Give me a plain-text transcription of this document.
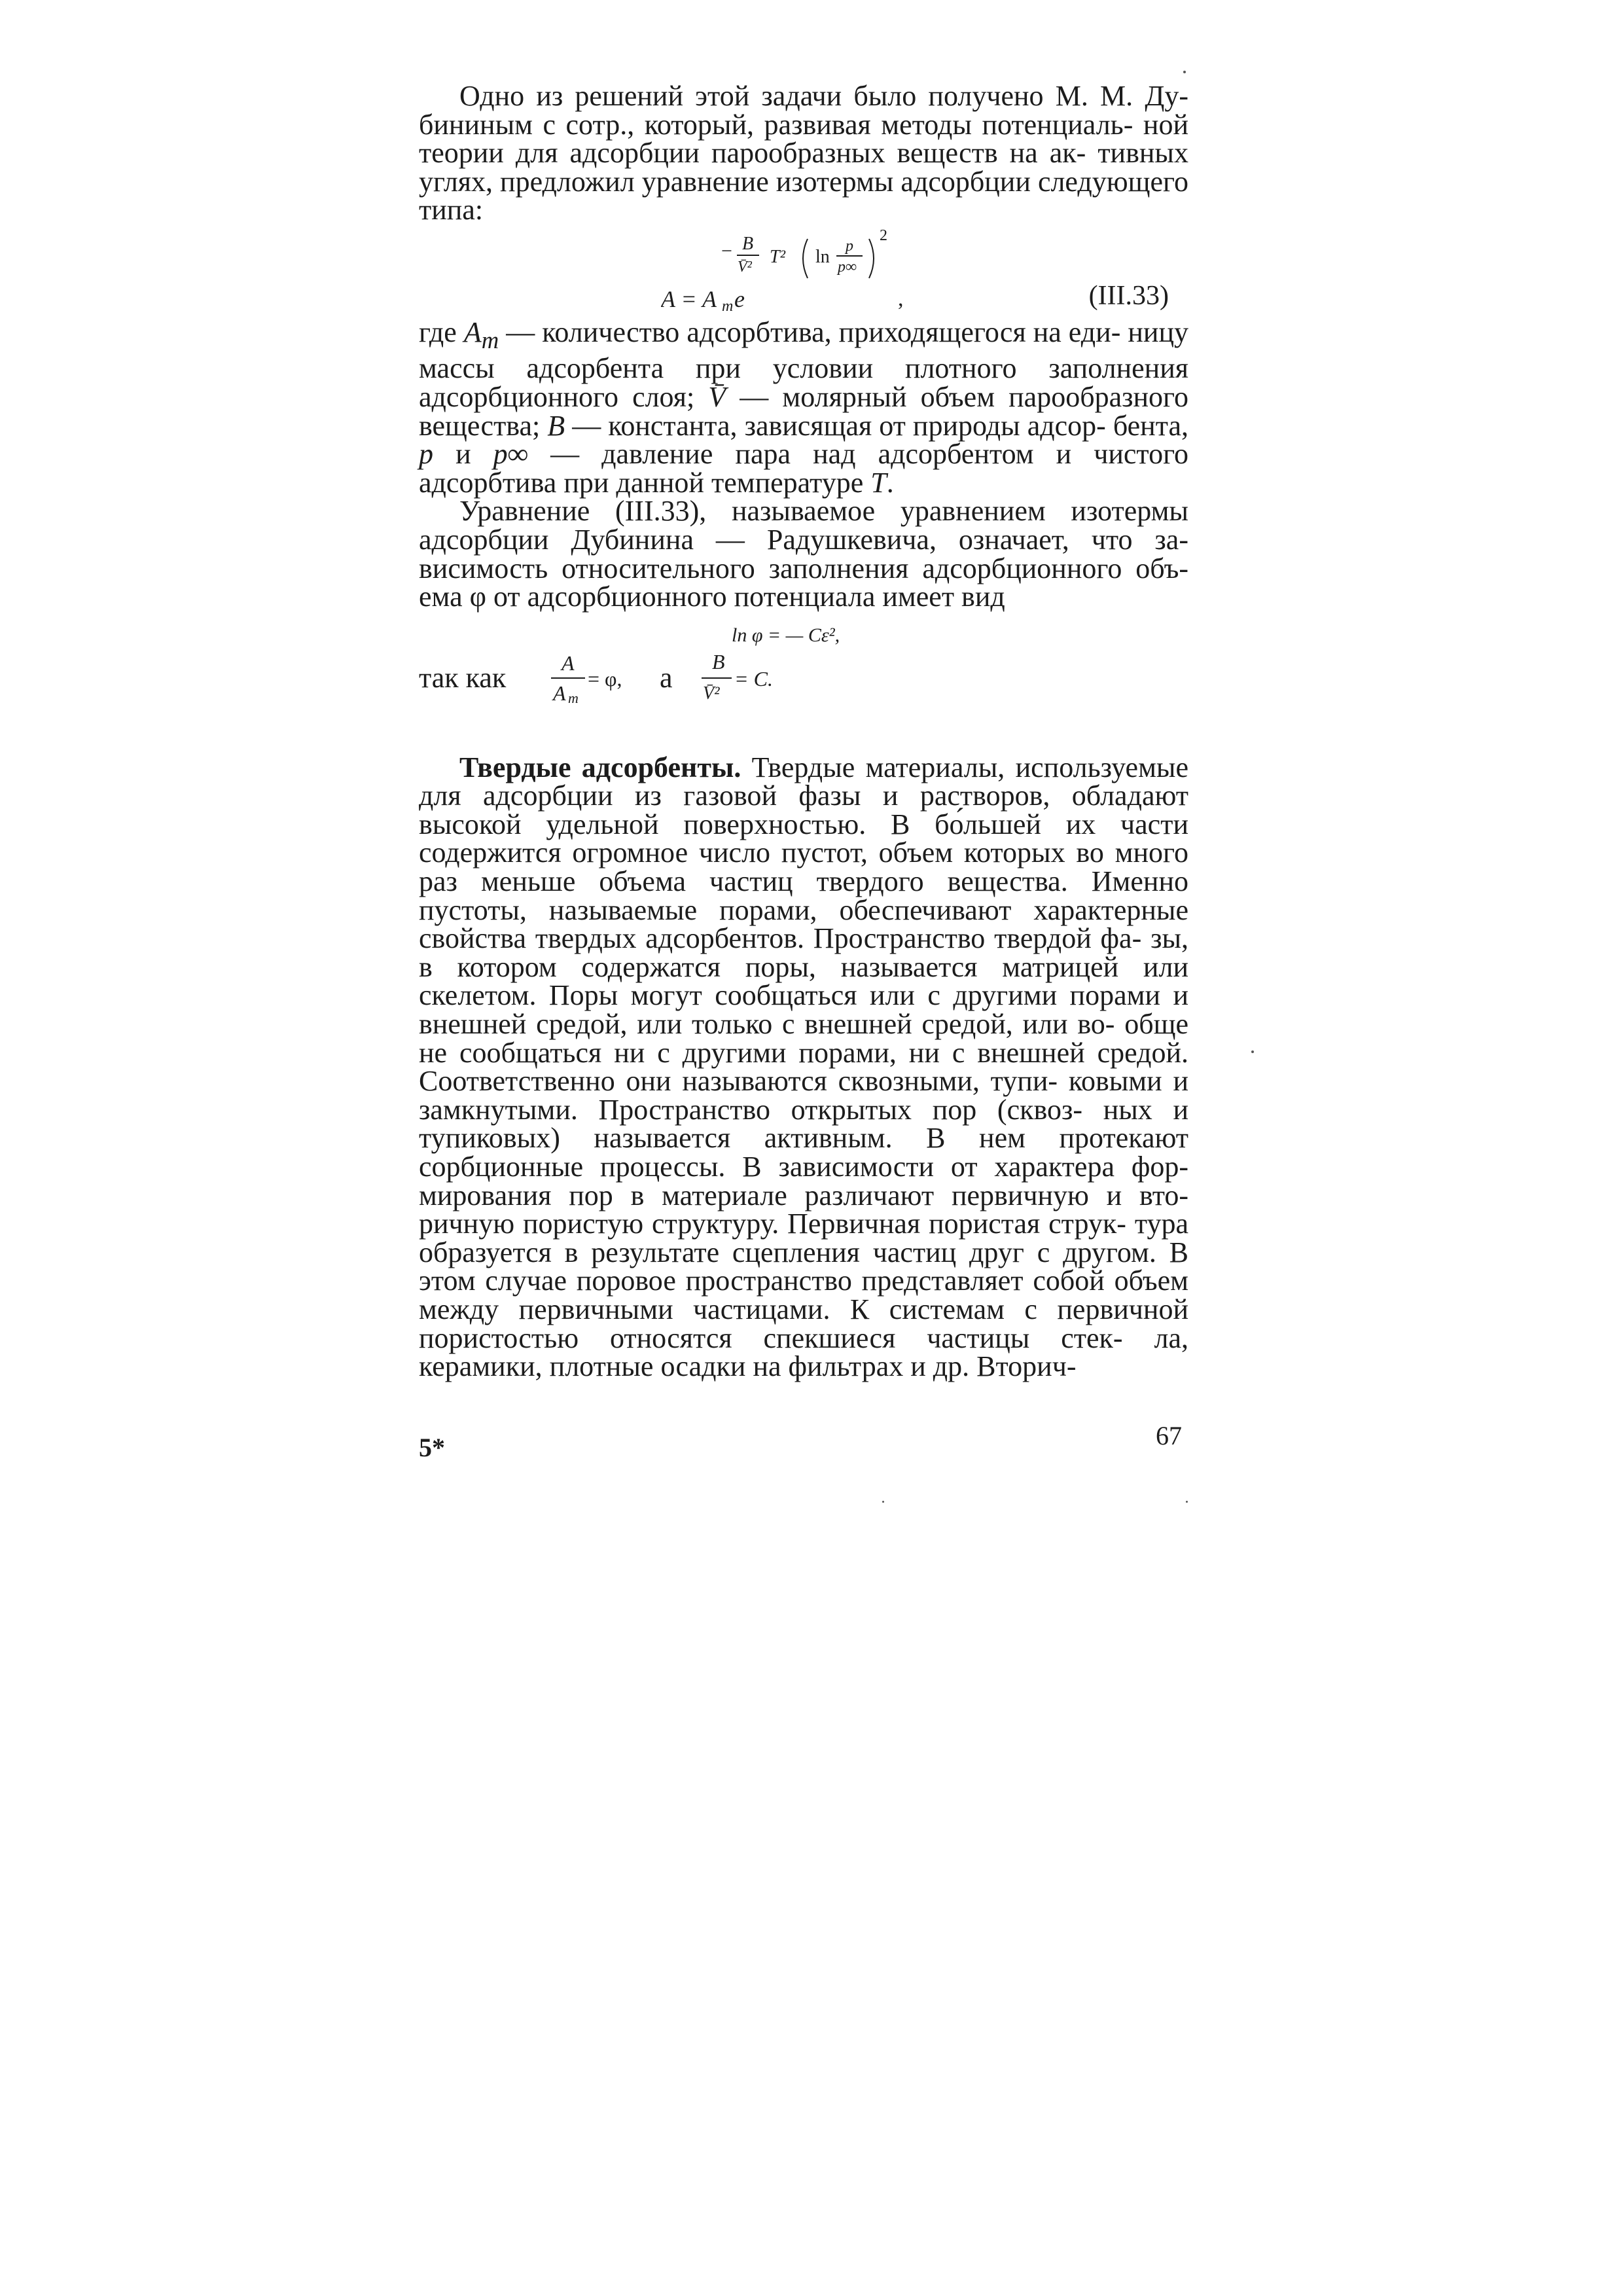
Одно из решений этой задачи было получено М. М. Ду- бининым с сотр., который, развивая методы потенциаль- ной теории для адсорбции парообразных веществ на ак- тивных углях, предложил уравнение изотермы адсорбции следующего типа:

− B
V̄² T² ln
p
p∞
2
A = A m e	,	(III.33)

где $A_m$ — количество адсорбтива, приходящегося на еди- ницу массы адсорбента при условии плотного заполнения адсорбционного слоя; V̄ — молярный объем парообразного вещества; B — константа, зависящая от природы адсор- бента, p и p∞ — давление пара над адсорбентом и чистого адсорбтива при данной температуре T.

Уравнение (III.33), называемое уравнением изотермы адсорбции Дубинина — Радушкевича, означает, что за- висимость относительного заполнения адсорбционного объ- ема φ от адсорбционного потенциала имеет вид

ln φ = — Cε²,
так как	A
A m
= φ, а B
V̄²
= C.

Твердые адсорбенты. Твердые материалы, используемые для адсорбции из газовой фазы и растворов, обладают высокой удельной поверхностью. В бо́льшей их части содержится огромное число пустот, объем которых во много раз меньше объема частиц твердого вещества. Именно пустоты, называемые порами, обеспечивают характерные свойства твердых адсорбентов. Пространство твердой фа- зы, в котором содержатся поры, называется матрицей или скелетом. Поры могут сообщаться или с другими порами и внешней средой, или только с внешней средой, или во- обще не сообщаться ни с другими порами, ни с внешней средой. Соответственно они называются сквозными, тупи- ковыми и замкнутыми. Пространство открытых пор (сквоз- ных и тупиковых) называется активным. В нем протекают сорбционные процессы. В зависимости от характера фор- мирования пор в материале различают первичную и вто- ричную пористую структуру. Первичная пористая струк- тура образуется в результате сцепления частиц друг с другом. В этом случае поровое пространство представляет собой объем между первичными частицами. К системам с первичной пористостью относятся спекшиеся частицы стек- ла, керамики, плотные осадки на фильтрах и др. Вторич-

5*	67
